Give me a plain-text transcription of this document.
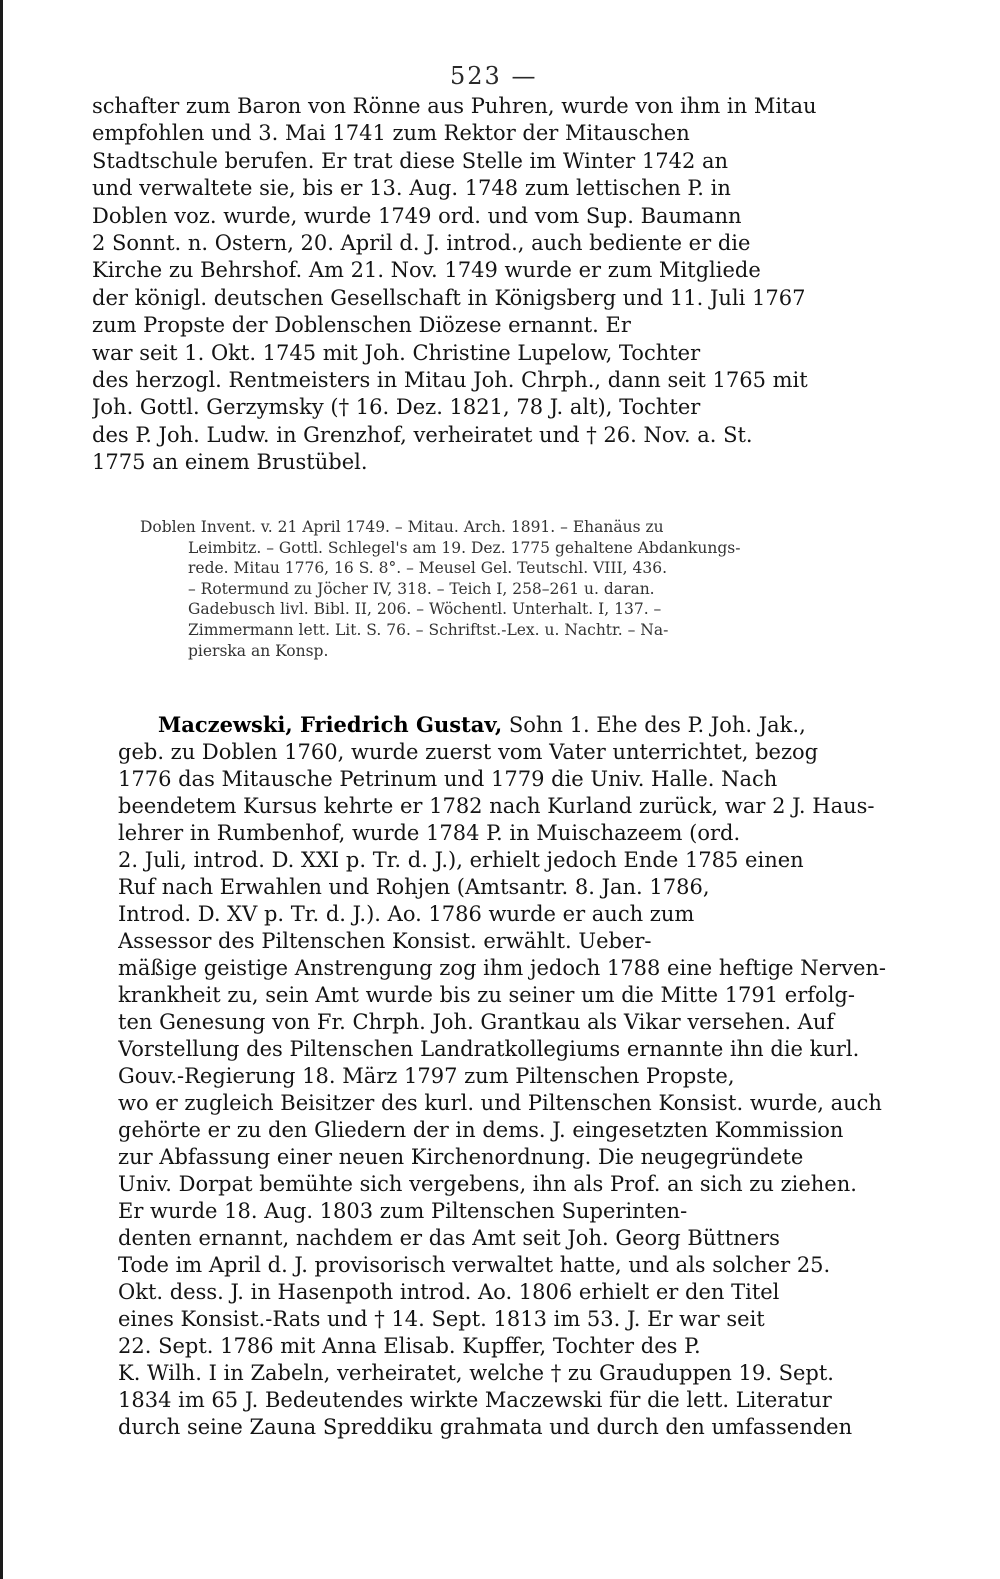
523 —
schafter zum Baron von Rönne aus Puhren, wurde von ihm in Mitau
empfohlen und 3. Mai 1741 zum Rektor der Mitauschen
Stadtschule berufen. Er trat diese Stelle im Winter 1742 an
und verwaltete sie, bis er 13. Aug. 1748 zum lettischen P. in
Doblen voz. wurde, wurde 1749 ord. und vom Sup. Baumann
2 Sonnt. n. Ostern, 20. April d. J. introd., auch bediente er die
Kirche zu Behrshof. Am 21. Nov. 1749 wurde er zum Mitgliede
der königl. deutschen Gesellschaft in Königsberg und 11. Juli 1767
zum Propste der Doblenschen Diözese ernannt. Er
war seit 1. Okt. 1745 mit Joh. Christine Lupelow, Tochter
des herzogl. Rentmeisters in Mitau Joh. Chrph., dann seit 1765 mit
Joh. Gottl. Gerzymsky († 16. Dez. 1821, 78 J. alt), Tochter
des P. Joh. Ludw. in Grenzhof, verheiratet und † 26. Nov. a. St.
1775 an einem Brustübel.
Doblen Invent. v. 21 April 1749. – Mitau. Arch. 1891. – Ehanäus zu
Leimbitz. – Gottl. Schlegel's am 19. Dez. 1775 gehaltene Abdankungs-
rede. Mitau 1776, 16 S. 8°. – Meusel Gel. Teutschl. VIII, 436.
– Rotermund zu Jöcher IV, 318. – Teich I, 258–261 u. daran.
Gadebusch livl. Bibl. II, 206. – Wöchentl. Unterhalt. I, 137. –
Zimmermann lett. Lit. S. 76. – Schriftst.-Lex. u. Nachtr. – Na-
pierska an Konsp.
Maczewski, Friedrich Gustav, Sohn 1. Ehe des P. Joh. Jak.,
geb. zu Doblen 1760, wurde zuerst vom Vater unterrichtet, bezog
1776 das Mitausche Petrinum und 1779 die Univ. Halle. Nach
beendetem Kursus kehrte er 1782 nach Kurland zurück, war 2 J. Haus-
lehrer in Rumbenhof, wurde 1784 P. in Muischazeem (ord.
2. Juli, introd. D. XXI p. Tr. d. J.), erhielt jedoch Ende 1785 einen
Ruf nach Erwahlen und Rohjen (Amtsantr. 8. Jan. 1786,
Introd. D. XV p. Tr. d. J.). Ao. 1786 wurde er auch zum
Assessor des Piltenschen Konsist. erwählt. Ueber-
mäßige geistige Anstrengung zog ihm jedoch 1788 eine heftige Nerven-
krankheit zu, sein Amt wurde bis zu seiner um die Mitte 1791 erfolg-
ten Genesung von Fr. Chrph. Joh. Grantkau als Vikar versehen. Auf
Vorstellung des Piltenschen Landratkollegiums ernannte ihn die kurl.
Gouv.-Regierung 18. März 1797 zum Piltenschen Propste,
wo er zugleich Beisitzer des kurl. und Piltenschen Konsist. wurde, auch
gehörte er zu den Gliedern der in dems. J. eingesetzten Kommission
zur Abfassung einer neuen Kirchenordnung. Die neugegründete
Univ. Dorpat bemühte sich vergebens, ihn als Prof. an sich zu ziehen.
Er wurde 18. Aug. 1803 zum Piltenschen Superinten-
denten ernannt, nachdem er das Amt seit Joh. Georg Büttners
Tode im April d. J. provisorisch verwaltet hatte, und als solcher 25.
Okt. dess. J. in Hasenpoth introd. Ao. 1806 erhielt er den Titel
eines Konsist.-Rats und † 14. Sept. 1813 im 53. J. Er war seit
22. Sept. 1786 mit Anna Elisab. Kupffer, Tochter des P.
K. Wilh. I in Zabeln, verheiratet, welche † zu Grauduppen 19. Sept.
1834 im 65 J. Bedeutendes wirkte Maczewski für die lett. Literatur
durch seine Zauna Spreddiku grahmata und durch den umfassenden
